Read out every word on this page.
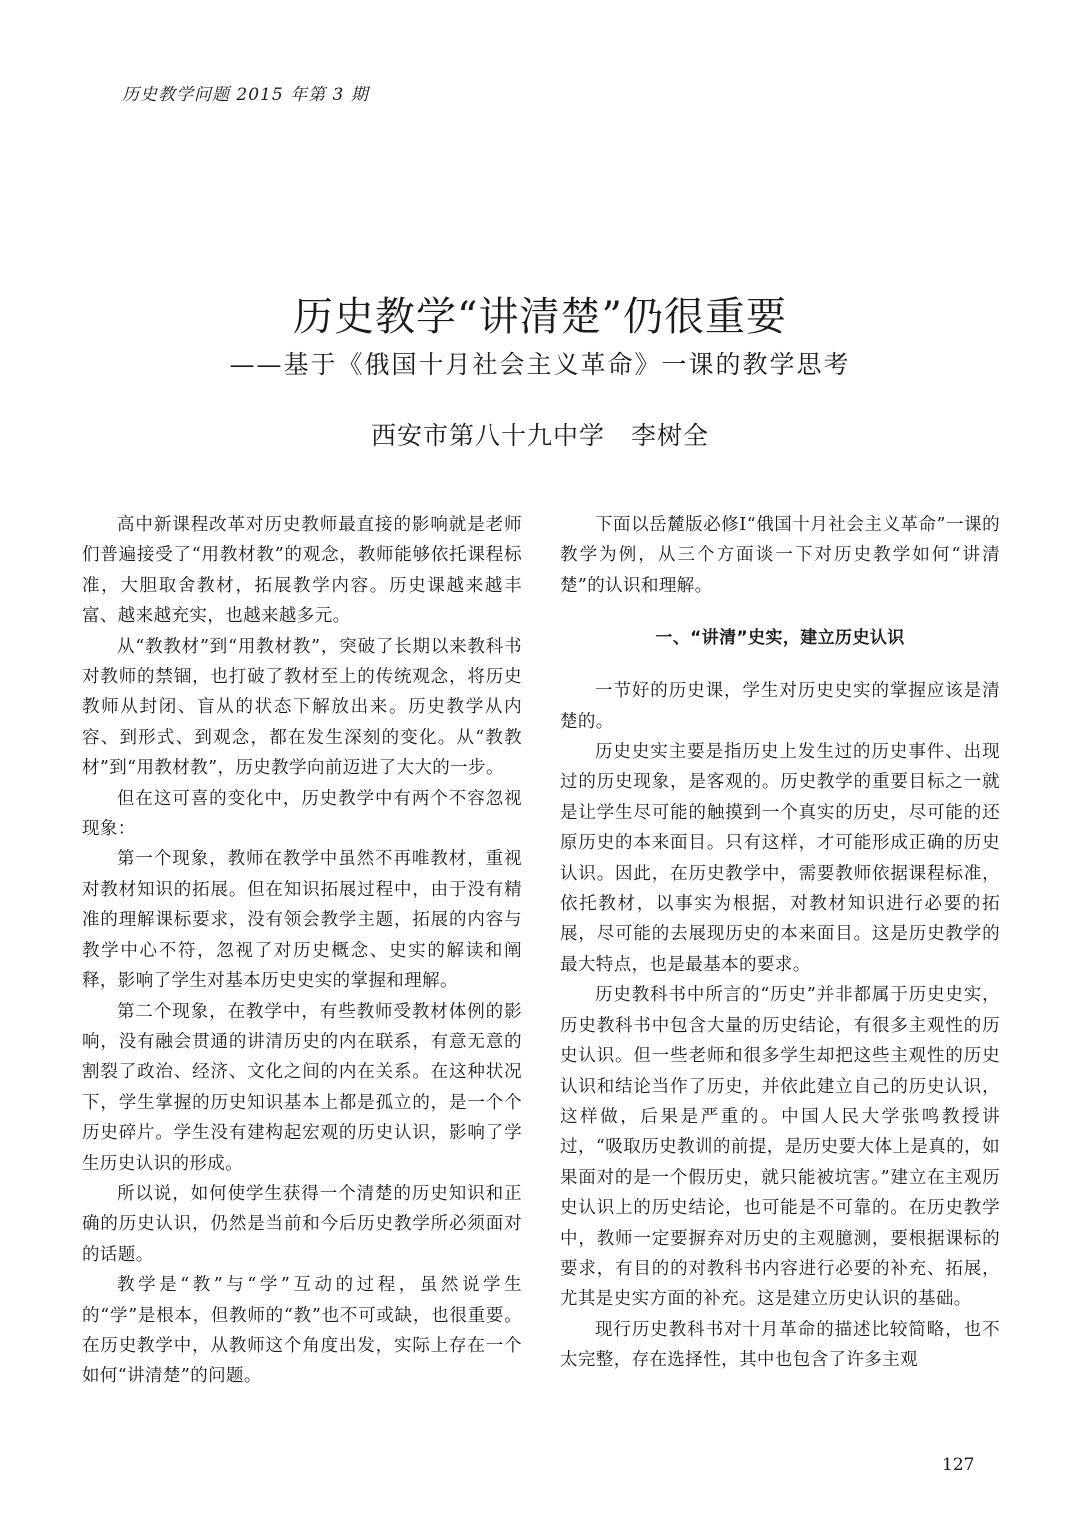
历史教学问题 2015 年第 3 期
历史教学“讲清楚”仍很重要
——基于《俄国十月社会主义革命》一课的教学思考
西安市第八十九中学　李树全

高中新课程改革对历史教师最直接的影响就是老师们普遍接受了“用教材教”的观念，教师能够依托课程标准，大胆取舍教材，拓展教学内容。历史课越来越丰富、越来越充实，也越来越多元。

从“教教材”到“用教材教”，突破了长期以来教科书对教师的禁锢，也打破了教材至上的传统观念，将历史教师从封闭、盲从的状态下解放出来。历史教学从内容、到形式、到观念，都在发生深刻的变化。从“教教材”到“用教材教”，历史教学向前迈进了大大的一步。

但在这可喜的变化中，历史教学中有两个不容忽视现象：

第一个现象，教师在教学中虽然不再唯教材，重视对教材知识的拓展。但在知识拓展过程中，由于没有精准的理解课标要求，没有领会教学主题，拓展的内容与教学中心不符，忽视了对历史概念、史实的解读和阐释，影响了学生对基本历史史实的掌握和理解。

第二个现象，在教学中，有些教师受教材体例的影响，没有融会贯通的讲清历史的内在联系，有意无意的割裂了政治、经济、文化之间的内在关系。在这种状况下，学生掌握的历史知识基本上都是孤立的，是一个个历史碎片。学生没有建构起宏观的历史认识，影响了学生历史认识的形成。

所以说，如何使学生获得一个清楚的历史知识和正确的历史认识，仍然是当前和今后历史教学所必须面对的话题。

教学是“教”与“学”互动的过程，虽然说学生的“学”是根本，但教师的“教”也不可或缺，也很重要。在历史教学中，从教师这个角度出发，实际上存在一个如何“讲清楚”的问题。

下面以岳麓版必修Ⅰ“俄国十月社会主义革命”一课的教学为例，从三个方面谈一下对历史教学如何“讲清楚”的认识和理解。

一、“讲清”史实，建立历史认识

一节好的历史课，学生对历史史实的掌握应该是清楚的。

历史史实主要是指历史上发生过的历史事件、出现过的历史现象，是客观的。历史教学的重要目标之一就是让学生尽可能的触摸到一个真实的历史，尽可能的还原历史的本来面目。只有这样，才可能形成正确的历史认识。因此，在历史教学中，需要教师依据课程标准，依托教材，以事实为根据，对教材知识进行必要的拓展，尽可能的去展现历史的本来面目。这是历史教学的最大特点，也是最基本的要求。

历史教科书中所言的“历史”并非都属于历史史实，历史教科书中包含大量的历史结论，有很多主观性的历史认识。但一些老师和很多学生却把这些主观性的历史认识和结论当作了历史，并依此建立自己的历史认识，这样做，后果是严重的。中国人民大学张鸣教授讲过，“吸取历史教训的前提，是历史要大体上是真的，如果面对的是一个假历史，就只能被坑害。”建立在主观历史认识上的历史结论，也可能是不可靠的。在历史教学中，教师一定要摒弃对历史的主观臆测，要根据课标的要求，有目的的对教科书内容进行必要的补充、拓展，尤其是史实方面的补充。这是建立历史认识的基础。

现行历史教科书对十月革命的描述比较简略，也不太完整，存在选择性，其中也包含了许多主观

127
